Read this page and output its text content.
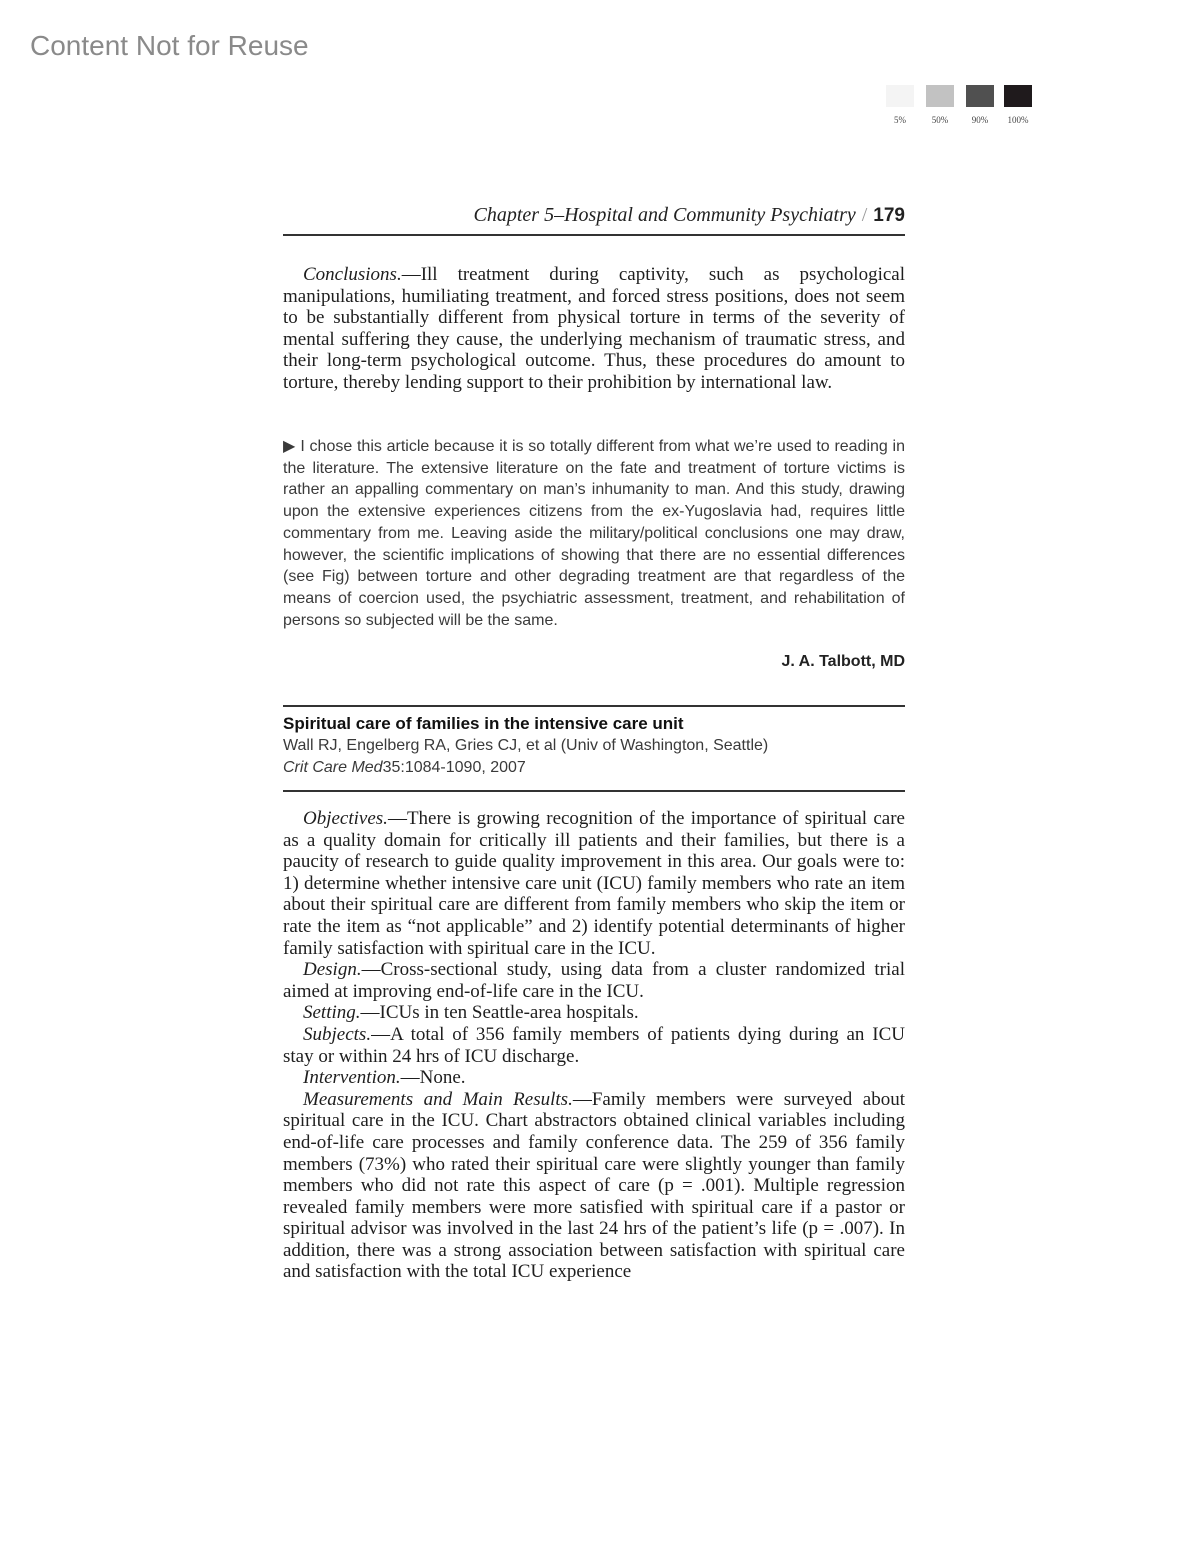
Content Not for Reuse
5%	50%	90%	100%
Chapter 5–Hospital and Community Psychiatry / 179

Conclusions.—Ill treatment during captivity, such as psychological manipulations, humiliating treatment, and forced stress positions, does not seem to be substantially different from physical torture in terms of the severity of mental suffering they cause, the underlying mechanism of traumatic stress, and their long-term psychological outcome. Thus, these procedures do amount to torture, thereby lending support to their prohibition by international law.

▶ I chose this article because it is so totally different from what we’re used to reading in the literature. The extensive literature on the fate and treatment of torture victims is rather an appalling commentary on man’s inhumanity to man. And this study, drawing upon the extensive experiences citizens from the ex-Yugoslavia had, requires little commentary from me. Leaving aside the military/political conclusions one may draw, however, the scientific implications of showing that there are no essential differences (see Fig) between torture and other degrading treatment are that regardless of the means of coercion used, the psychiatric assessment, treatment, and rehabilitation of persons so subjected will be the same.

J. A. Talbott, MD
Spiritual care of families in the intensive care unit
Wall RJ, Engelberg RA, Gries CJ, et al (Univ of Washington, Seattle)
Crit Care Med35:1084-1090, 2007

Objectives.—There is growing recognition of the importance of spiritual care as a quality domain for critically ill patients and their families, but there is a paucity of research to guide quality improvement in this area. Our goals were to: 1) determine whether intensive care unit (ICU) family members who rate an item about their spiritual care are different from family members who skip the item or rate the item as “not applicable” and 2) identify potential determinants of higher family satisfaction with spiritual care in the ICU.

Design.—Cross-sectional study, using data from a cluster randomized trial aimed at improving end-of-life care in the ICU.

Setting.—ICUs in ten Seattle-area hospitals.

Subjects.—A total of 356 family members of patients dying during an ICU stay or within 24 hrs of ICU discharge.

Intervention.—None.

Measurements and Main Results.—Family members were surveyed about spiritual care in the ICU. Chart abstractors obtained clinical variables including end-of-life care processes and family conference data. The 259 of 356 family members (73%) who rated their spiritual care were slightly younger than family members who did not rate this aspect of care (p = .001). Multiple regression revealed family members were more satisfied with spiritual care if a pastor or spiritual advisor was involved in the last 24 hrs of the patient’s life (p = .007). In addition, there was a strong association between satisfaction with spiritual care and satisfaction with the total ICU experience
